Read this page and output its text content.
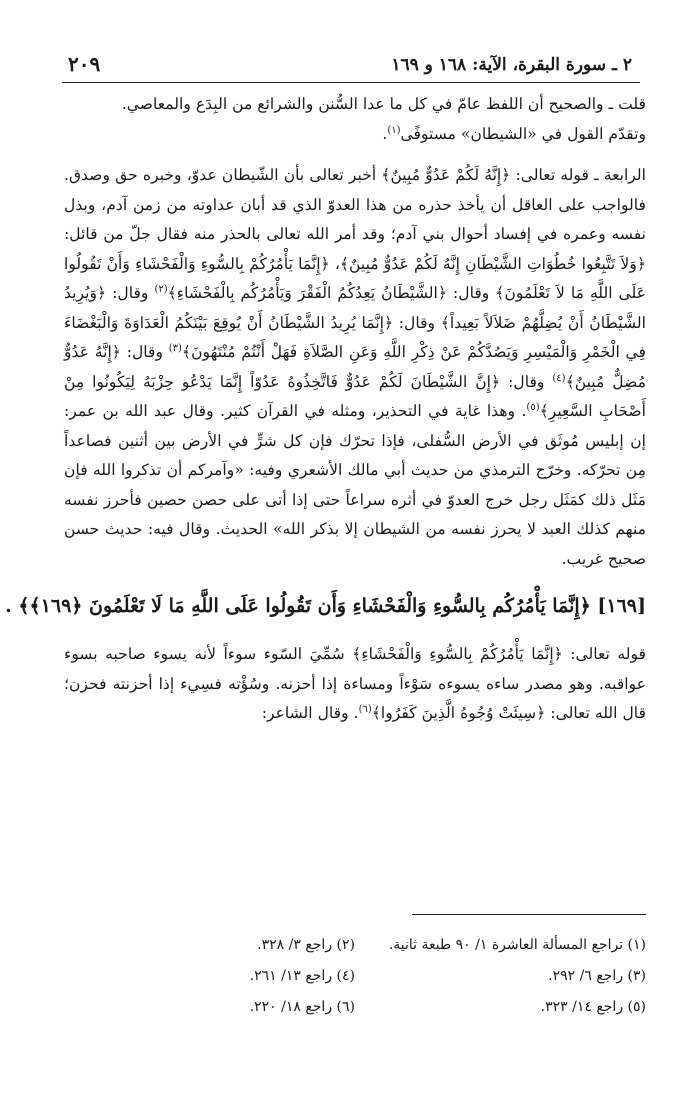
٢ ـ سورة البقرة، الآية: ١٦٨ و ١٦٩
٢٠٩

قلت ـ والصحيح أن اللفظ عامّ في كل ما عدا السُّنن والشرائع من البِدَع والمعاصي.

وتقدّم القول في «الشيطان» مستوفًى$^{(١)}$.

الرابعة ـ قوله تعالى: ﴿إِنَّهُ لَكُمْ عَدُوٌّ مُبِينٌ﴾ أخبر تعالى بأن الشّيطان عدوّ، وخبره حق وصدق. فالواجب على العاقل أن يأخذ حذره من هذا العدوّ الذي قد أبان عداوته من زمن آدم، وبذل نفسه وعمره في إفساد أحوال بني آدم؛ وقد أمر الله تعالى بالحذر منه فقال جلّ من قائل: ﴿وَلاَ تَتَّبِعُوا خُطُوَاتِ الشَّيْطَانِ إِنَّهُ لَكُمْ عَدُوٌّ مُبِينٌ﴾، ﴿إِنَّمَا يَأْمُرُكُمْ بِالسُّوءِ وَالْفَحْشَاءِ وَأَنْ تَقُولُوا عَلَى اللَّهِ مَا لاَ تَعْلَمُونَ﴾ وقال: ﴿الشَّيْطَانُ يَعِدُكُمُ الْفَقْرَ وَيَأْمُرُكُم بِالْفَحْشَاءِ﴾$^{(٢)}$ وقال: ﴿وَيُرِيدُ الشَّيْطَانُ أَنْ يُضِلَّهُمْ ضَلاَلاً بَعِيداً﴾ وقال: ﴿إِنَّمَا يُرِيدُ الشَّيْطَانُ أَنْ يُوقِعَ بَيْنَكُمُ الْعَدَاوَةَ وَالْبَغْضَاءَ فِي الْخَمْرِ وَالْمَيْسِرِ وَيَصُدَّكُمْ عَنْ ذِكْرِ اللَّهِ وَعَنِ الصَّلاَةِ فَهَلْ أَنْتُمْ مُنْتَهُونَ﴾$^{(٣)}$ وقال: ﴿إِنَّهُ عَدُوٌّ مُضِلٌّ مُبِينٌ﴾$^{(٤)}$ وقال: ﴿إِنَّ الشَّيْطَانَ لَكُمْ عَدُوٌّ فَاتَّخِذُوهُ عَدُوّاً إِنَّمَا يَدْعُو حِزْبَهُ لِيَكُونُوا مِنْ أَصْحَابِ السَّعِيرِ﴾$^{(٥)}$. وهذا غاية في التحذير، ومثله في القرآن كثير. وقال عبد الله بن عمر: إن إبليس مُوثَق في الأرض السُّفلى، فإذا تحرّك فإن كل شرٍّ في الأرض بين أثنين فصاعداً مِن تحرّكه. وخرّج الترمذي من حديث أبي مالك الأشعري وفيه: «وآمركم أن تذكروا الله فإن مَثَل ذلك كمَثَل رجل خرج العدوّ في أثره سراعاً حتى إذا أتى على حصن حصين فأحرز نفسه منهم كذلك العبد لا يحرز نفسه من الشيطان إلا بذكر الله» الحديث. وقال فيه: حديث حسن صحيح غريب.

[١٦٩] ﴿إِنَّمَا يَأْمُرُكُم بِالسُّوءِ وَالْفَحْشَاءِ وَأَن تَقُولُوا عَلَى اللَّهِ مَا لَا تَعْلَمُونَ ﴿١٦٩﴾﴾ .

قوله تعالى: ﴿إِنَّمَا يَأْمُرُكُمْ بِالسُّوءِ وَالْفَحْشَاءِ﴾ سُمِّيَ السّوء سوءاً لأنه يسوء صاحبه بسوء عواقبه. وهو مصدر ساءه يسوءه سَوْءاً ومساءة إذا أحزنه. وسُؤْته فسِيء إذا أحزنته فحزن؛ قال الله تعالى: ﴿سِيئَتْ وُجُوهُ الَّذِينَ كَفَرُوا﴾$^{(٦)}$. وقال الشاعر:

(١) تراجع المسألة العاشرة ١/ ٩٠ طبعة ثانية.
(٢) راجع ٣/ ٣٢٨.
(٣) راجع ٦/ ٢٩٢.
(٤) راجع ١٣/ ٢٦١.
(٥) راجع ١٤/ ٣٢٣.
(٦) راجع ١٨/ ٢٢٠.
